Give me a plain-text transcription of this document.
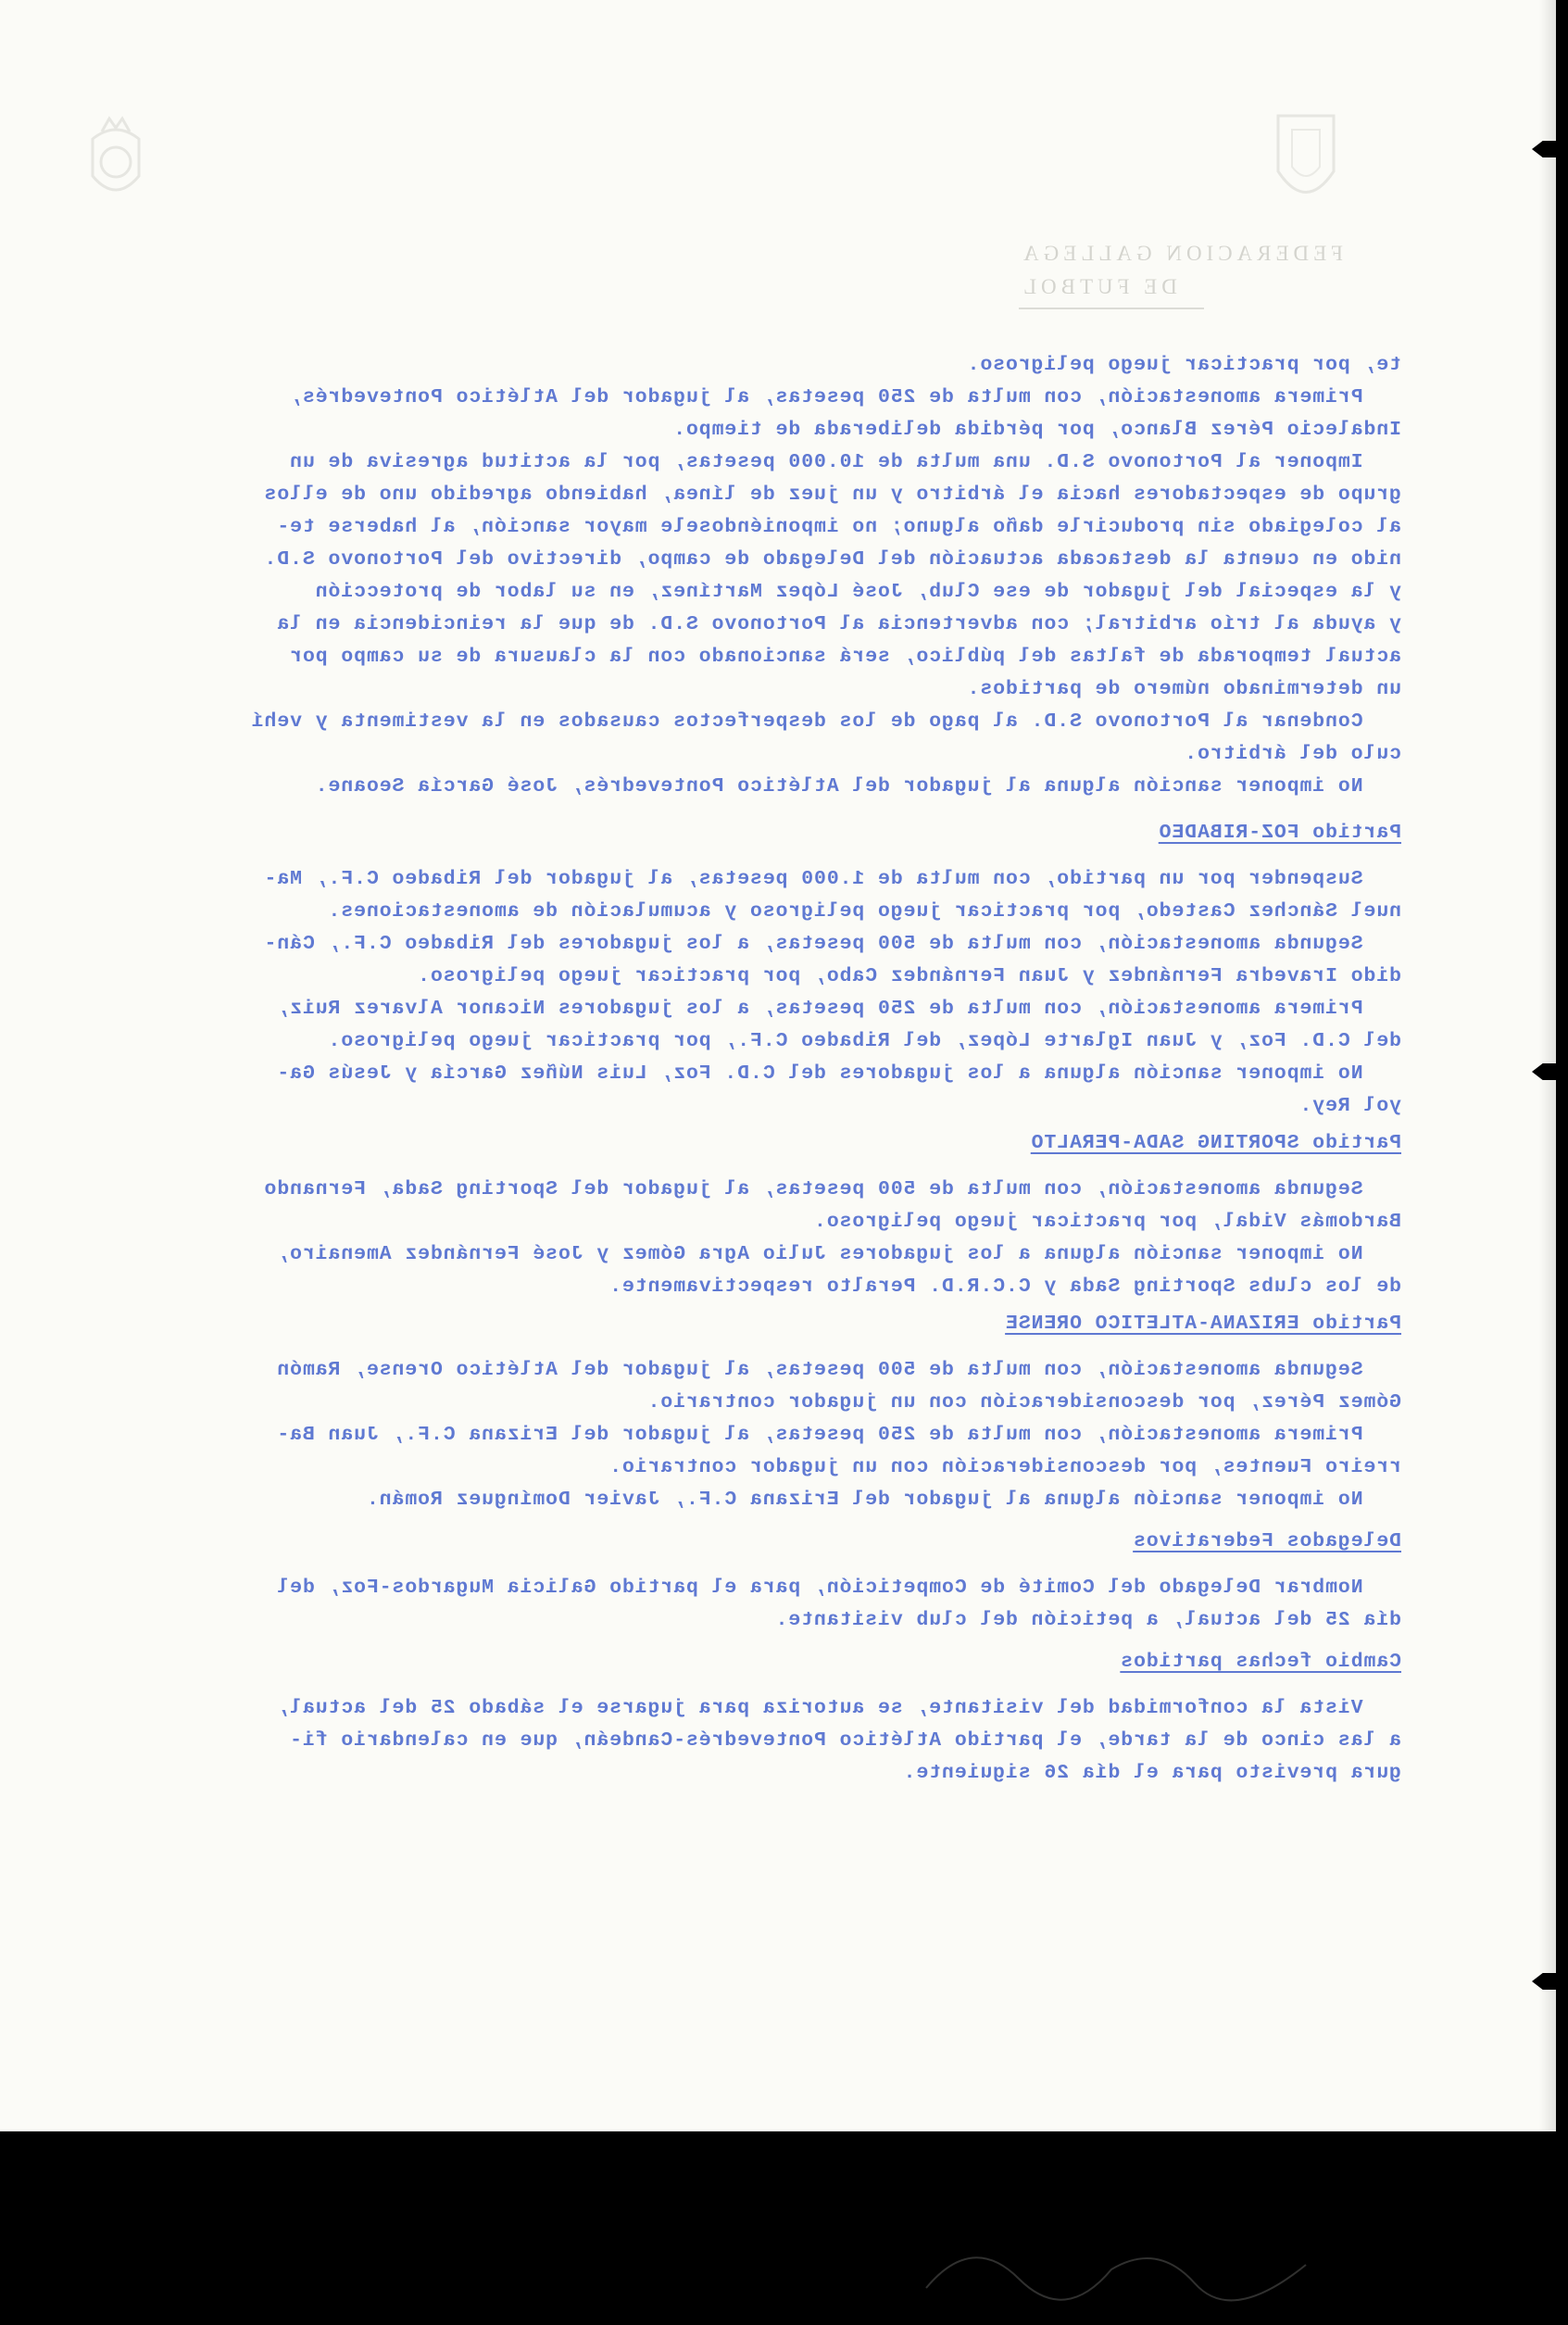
FEDERACION GALLEGA
DE FUTBOL

te, por practicar juego peligroso.

Primera amonestación, con multa de 250 pesetas, al jugador del Atlético Pontevedrés,

Indalecio Pérez Blanco, por pérdida deliberada de tiempo.

Imponer al Portonovo S.D. una multa de 10.000 pesetas, por la actitud agresiva de un

grupo de espectadores hacia el árbitro y un juez de línea, habiendo agredido uno de ellos

al colegiado sin producirle daño alguno; no imponiéndosele mayor sanción, al haberse te-

nido en cuenta la destacada actuación del Delegado de campo, directivo del Portonovo S.D.

y la especial del jugador de ese Club, José López Martínez, en su labor de protección

y ayuda al trío arbitral; con advertencia al Portonovo S.D. de que la reincidencia en la

actual temporada de faltas del público, será sancionado con la clausura de su campo por

un determinado número de partidos.

Condenar al Portonovo S.D. al pago de los desperfectos causados en la vestimenta y vehí

culo del árbitro.

No imponer sanción alguna al jugador del Atlético Pontevedrés, José García Seoane.

Partido FOZ-RIBADEO

Suspender por un partido, con multa de 1.000 pesetas, al jugador del Ribadeo C.F., Ma-

nuel Sánchez Castedo, por practicar juego peligroso y acumulación de amonestaciones.

Segunda amonestación, con multa de 500 pesetas, a los jugadores del Ribadeo C.F., Cán-

dido Iravedra Fernández y Juan Fernández Cabo, por practicar juego peligroso.

Primera amonestación, con multa de 250 pesetas, a los jugadores Nicanor Alvarez Ruiz,

del C.D. Foz, y Juan Iglarte López, del Ribadeo C.F., por practicar juego peligroso.

No imponer sanción alguna a los jugadores del C.D. Foz, Luis Núñez García y Jesús Ga-

yol Rey.

Partido SPORTING SADA-PERALTO

Segunda amonestación, con multa de 500 pesetas, al jugador del Sporting Sada, Fernando

Bardomás Vidal, por practicar juego peligroso.

No imponer sanción alguna a los jugadores Julio Agra Gómez y José Fernández Amenairo,

de los clubs Sporting Sada y C.C.R.D. Peralto respectivamente.

Partido ERIZANA-ATLETICO ORENSE

Segunda amonestación, con multa de 500 pesetas, al jugador del Atlético Orense, Ramón

Gómez Pérez, por desconsideración con un jugador contrario.

Primera amonestación, con multa de 250 pesetas, al jugador del Erizana C.F., Juan Ba-

rreiro Fuentes, por desconsideración con un jugador contrario.

No imponer sanción alguna al jugador del Erizana C.F., Javier Domínguez Román.

Delegados Federativos

Nombrar Delegado del Comité de Competición, para el partido Galicia Mugardos-Foz, del

día 25 del actual, a petición del club visitante.

Cambio fechas partidos

Vista la conformidad del visitante, se autoriza para jugarse el sábado 25 del actual,

a las cinco de la tarde, el partido Atlético Pontevedrés-Candeán, que en calendario fi-

gura previsto para el día 26 siguiente.
